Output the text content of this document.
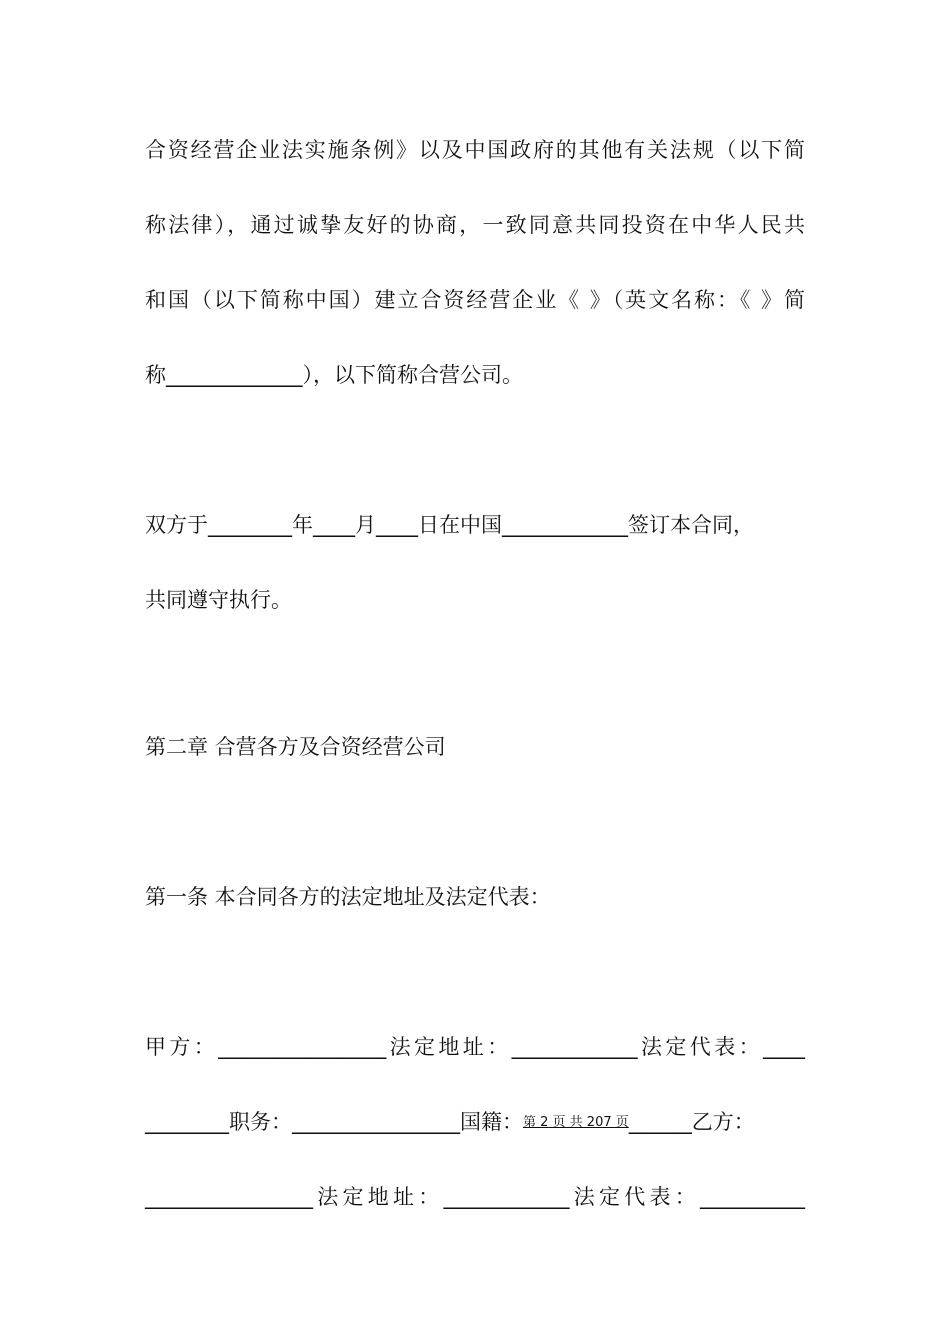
合资经营企业法实施条例》以及中国政府的其他有关法规（以下简
称法律），通过诚挚友好的协商，一致同意共同投资在中华人民共
和国（以下简称中国）建立合资经营企业《 》（英文名称：《 》简
称_____________），以下简称合营公司。
双方于________年____月____日在中国____________签订本合同，
共同遵守执行。
第二章 合营各方及合资经营公司
第一条 本合同各方的法定地址及法定代表：
甲方：________________法定地址：____________法定代表：____
________职务：________________国籍：第 2 页 共 207 页______乙方：
________________法定地址：____________法定代表：__________
